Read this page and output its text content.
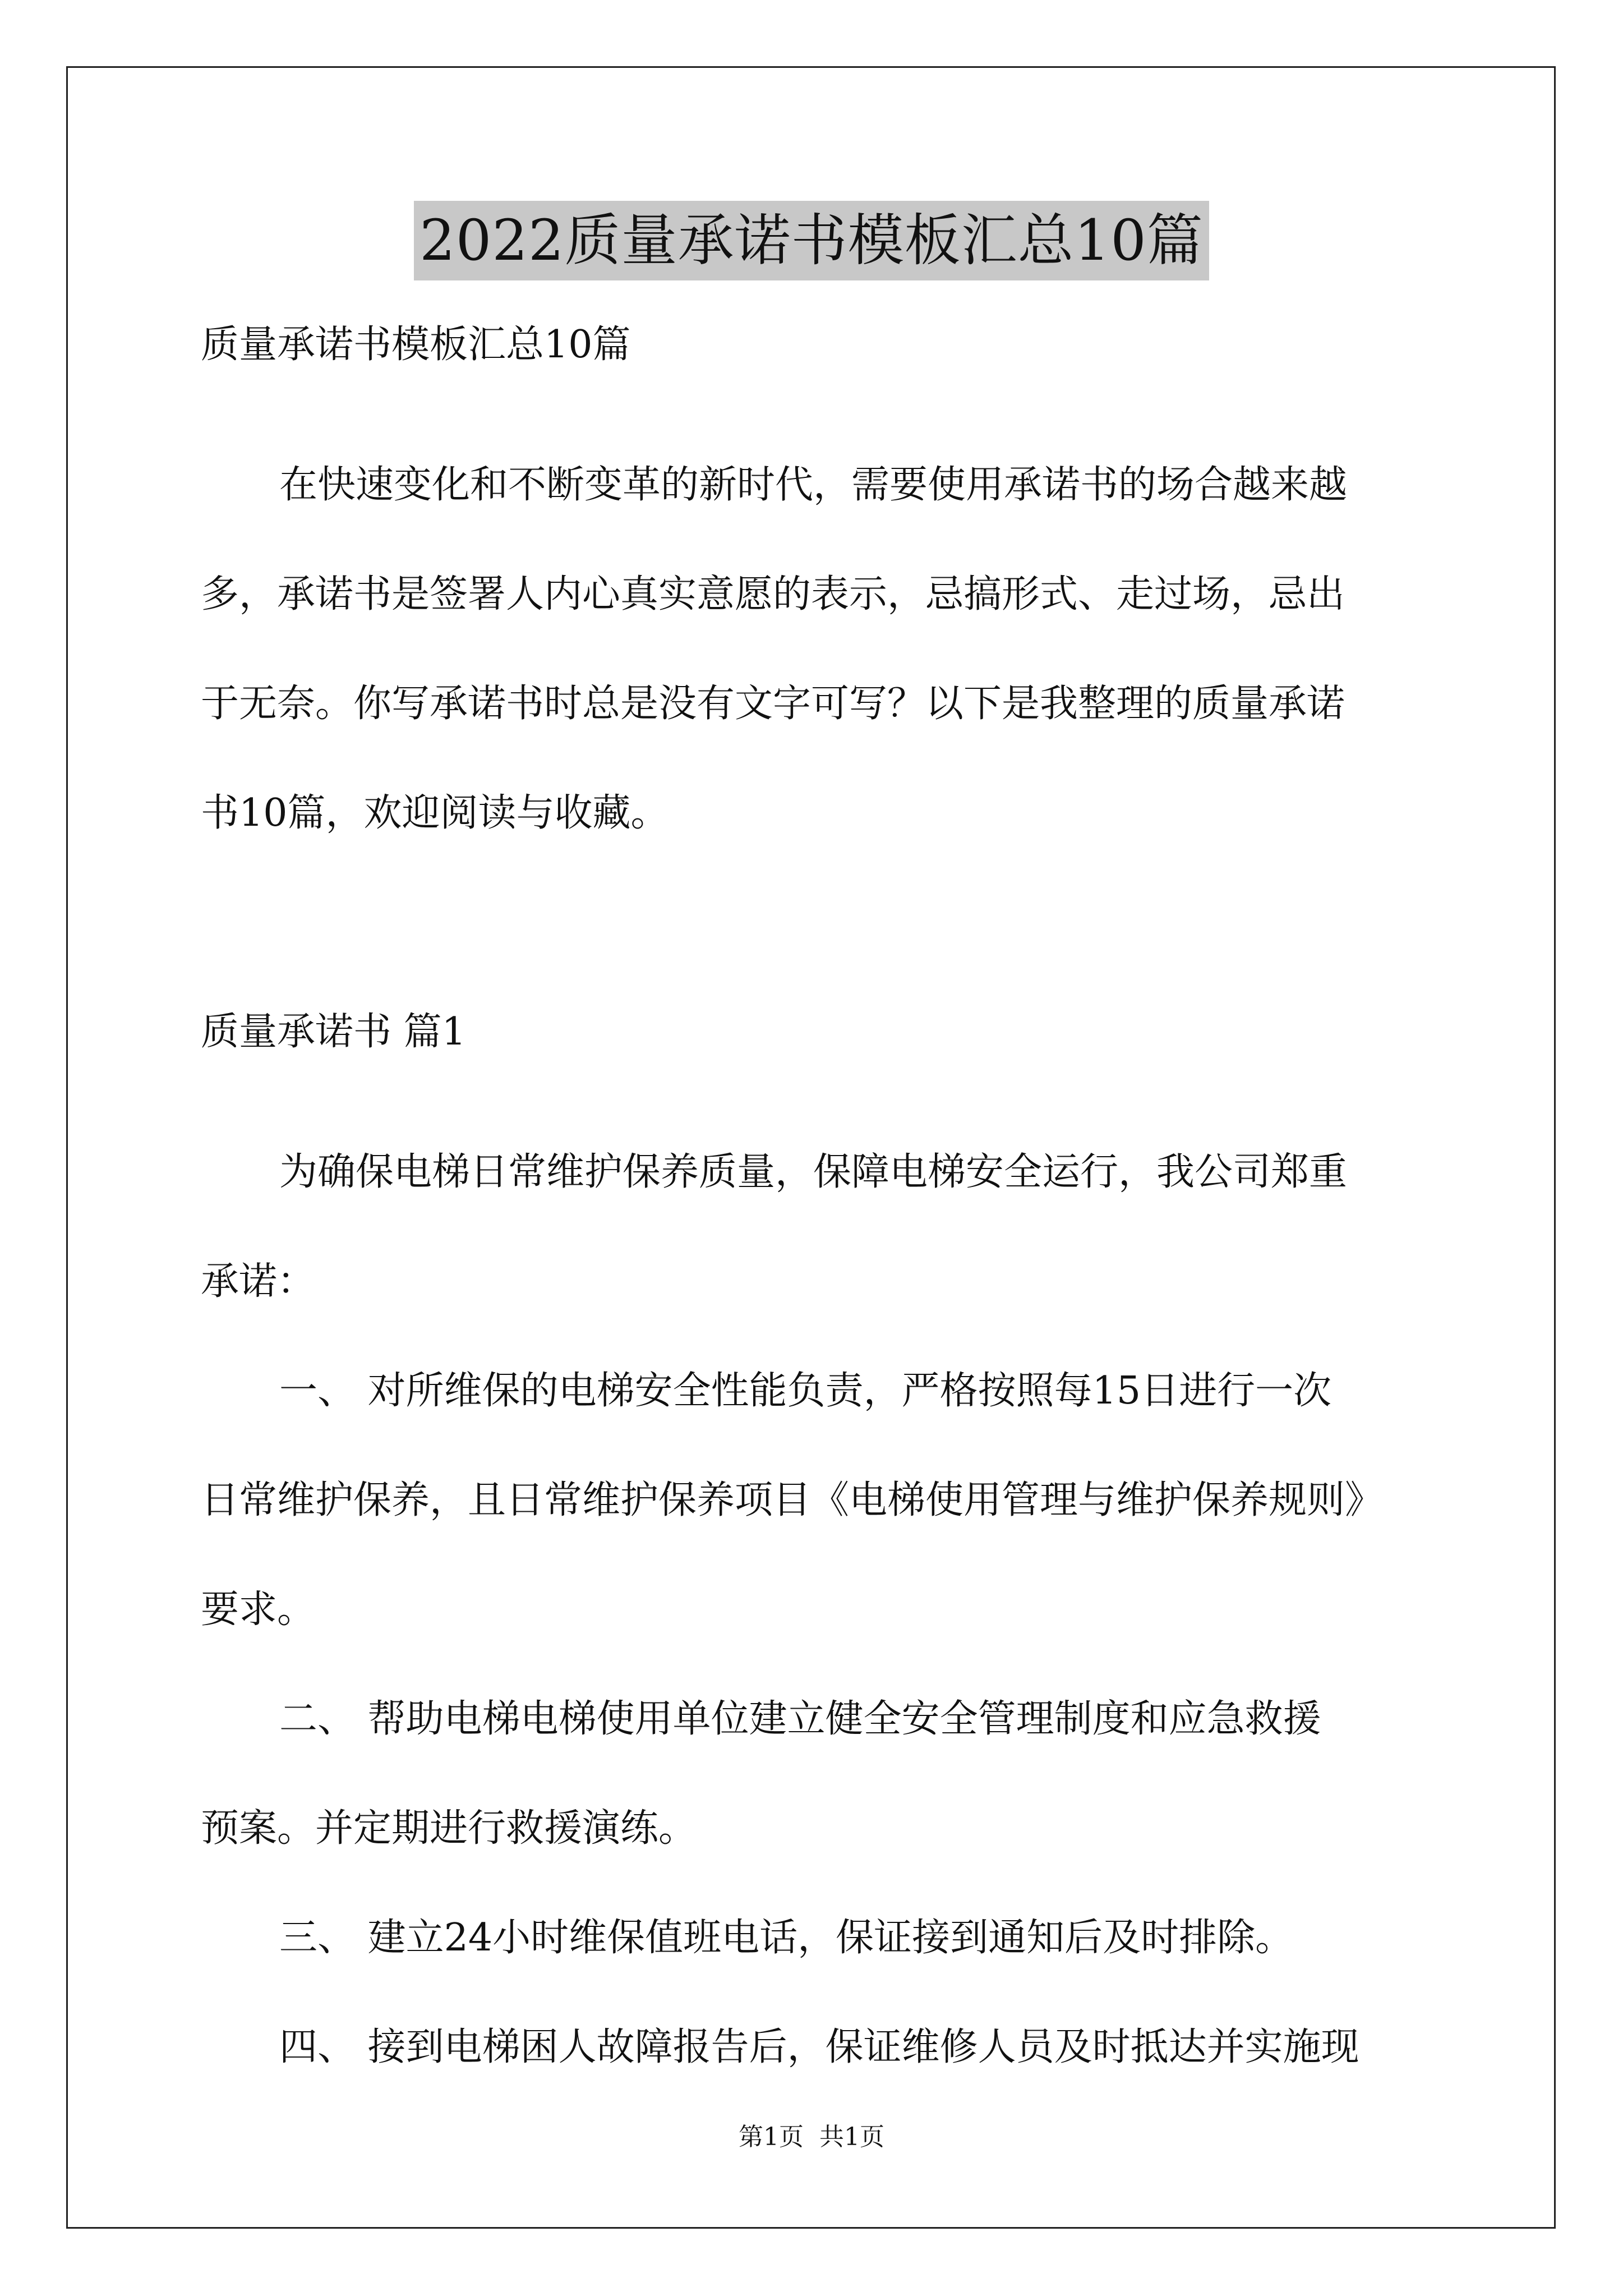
2022质量承诺书模板汇总10篇
质量承诺书模板汇总10篇
在快速变化和不断变革的新时代，需要使用承诺书的场合越来越
多，承诺书是签署人内心真实意愿的表示，忌搞形式、走过场，忌出
于无奈。你写承诺书时总是没有文字可写？以下是我整理的质量承诺
书10篇，欢迎阅读与收藏。
质量承诺书 篇1
为确保电梯日常维护保养质量，保障电梯安全运行，我公司郑重
承诺：
一、 对所维保的电梯安全性能负责，严格按照每15日进行一次
日常维护保养，且日常维护保养项目《电梯使用管理与维护保养规则》
要求。
二、 帮助电梯电梯使用单位建立健全安全管理制度和应急救援
预案。并定期进行救援演练。
三、 建立24小时维保值班电话，保证接到通知后及时排除。
四、 接到电梯困人故障报告后，保证维修人员及时抵达并实施现
第1页 共1页
